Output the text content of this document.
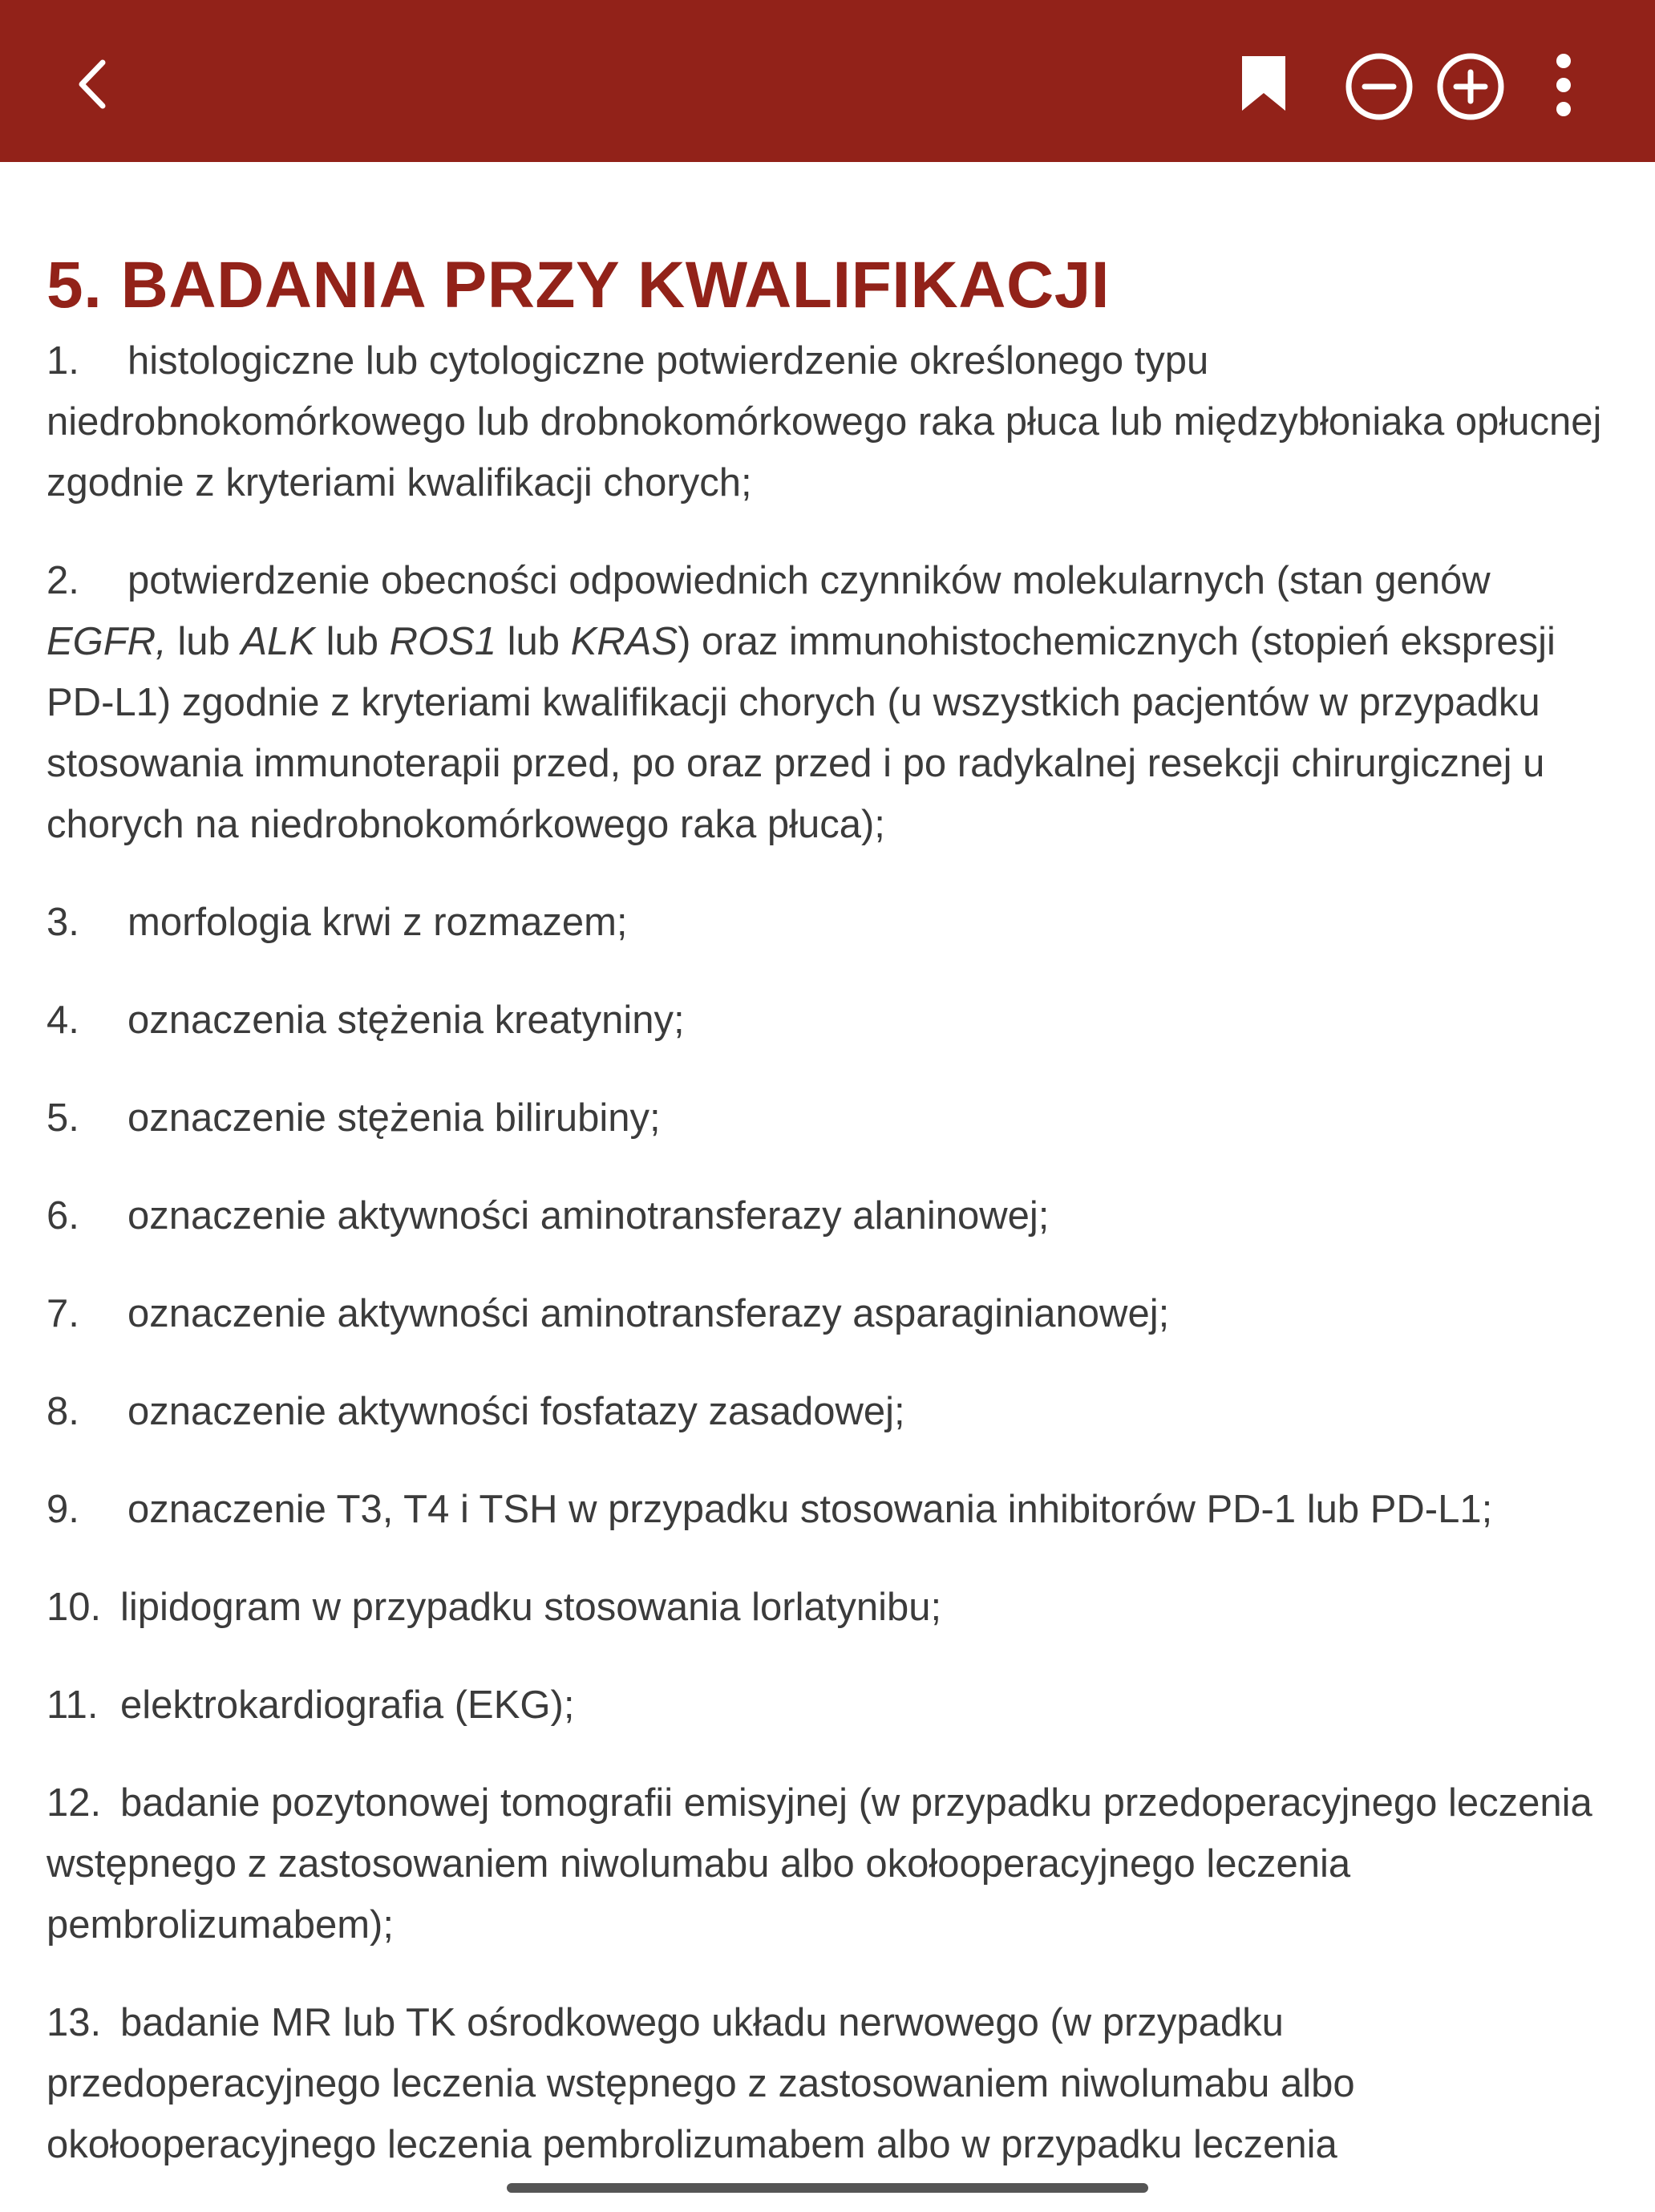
5. BADANIA PRZY KWALIFIKACJI
1. histologiczne lub cytologiczne potwierdzenie określonego typu niedrobnokomórkowego lub drobnokomórkowego raka płuca lub międzybłoniaka opłucnej zgodnie z kryteriami kwalifikacji chorych;
2. potwierdzenie obecności odpowiednich czynników molekularnych (stan genów EGFR, lub ALK lub ROS1 lub KRAS) oraz immunohistochemicznych (stopień ekspresji PD-L1) zgodnie z kryteriami kwalifikacji chorych (u wszystkich pacjentów w przypadku stosowania immunoterapii przed, po oraz przed i po radykalnej resekcji chirurgicznej u chorych na niedrobnokomórkowego raka płuca);
3. morfologia krwi z rozmazem;
4. oznaczenia stężenia kreatyniny;
5. oznaczenie stężenia bilirubiny;
6. oznaczenie aktywności aminotransferazy alaninowej;
7. oznaczenie aktywności aminotransferazy asparaginianowej;
8. oznaczenie aktywności fosfatazy zasadowej;
9. oznaczenie T3, T4 i TSH w przypadku stosowania inhibitorów PD-1 lub PD-L1;
10. lipidogram w przypadku stosowania lorlatynibu;
11. elektrokardiografia (EKG);
12. badanie pozytonowej tomografii emisyjnej (w przypadku przedoperacyjnego leczenia wstępnego z zastosowaniem niwolumabu albo okołooperacyjnego leczenia pembrolizumabem);
13. badanie MR lub TK ośrodkowego układu nerwowego (w przypadku przedoperacyjnego leczenia wstępnego z zastosowaniem niwolumabu albo okołooperacyjnego leczenia pembrolizumabem albo w przypadku leczenia
